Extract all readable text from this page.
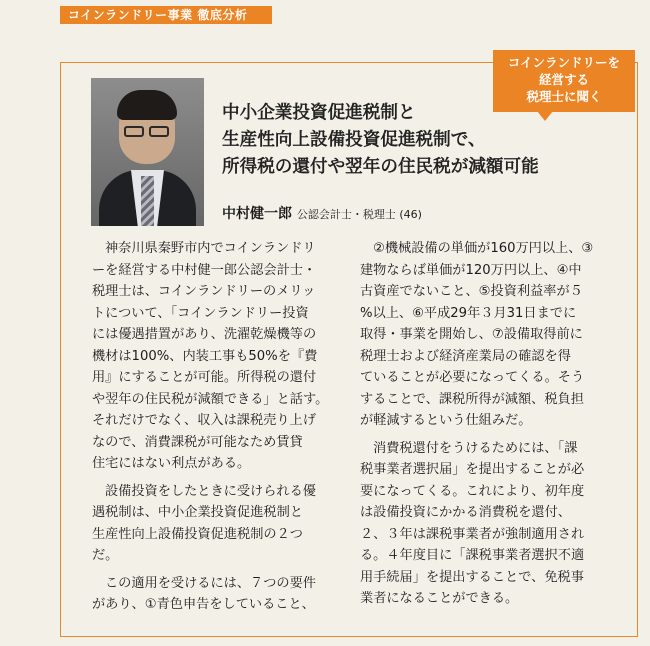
コインランドリー事業 徹底分析
コインランドリーを
経営する
税理士に聞く
中小企業投資促進税制と
生産性向上設備投資促進税制で、
所得税の還付や翌年の住民税が減額可能
中村健一郎 公認会計士・税理士 (46)

神奈川県秦野市内でコインランドリ
ーを経営する中村健一郎公認会計士・
税理士は、コインランドリーのメリッ
トについて、「コインランドリー投資
には優遇措置があり、洗濯乾燥機等の
機材は100%、内装工事も50%を『費
用』にすることが可能。所得税の還付
や翌年の住民税が減額できる」と話す。
それだけでなく、収入は課税売り上げ
なので、消費課税が可能なため賃貸
住宅にはない利点がある。

設備投資をしたときに受けられる優
遇税制は、中小企業投資促進税制と
生産性向上設備投資促進税制の２つ
だ。

この適用を受けるには、７つの要件
があり、①青色申告をしていること、

②機械設備の単価が160万円以上、③
建物ならば単価が120万円以上、④中
古資産でないこと、⑤投資利益率が５
%以上、⑥平成29年３月31日までに
取得・事業を開始し、⑦設備取得前に
税理士および経済産業局の確認を得
ていることが必要になってくる。そう
することで、課税所得が減額、税負担
が軽減するという仕組みだ。

消費税還付をうけるためには、「課
税事業者選択届」を提出することが必
要になってくる。これにより、初年度
は設備投資にかかる消費税を還付、
２、３年は課税事業者が強制適用され
る。４年度目に「課税事業者選択不適
用手続届」を提出することで、免税事
業者になることができる。
